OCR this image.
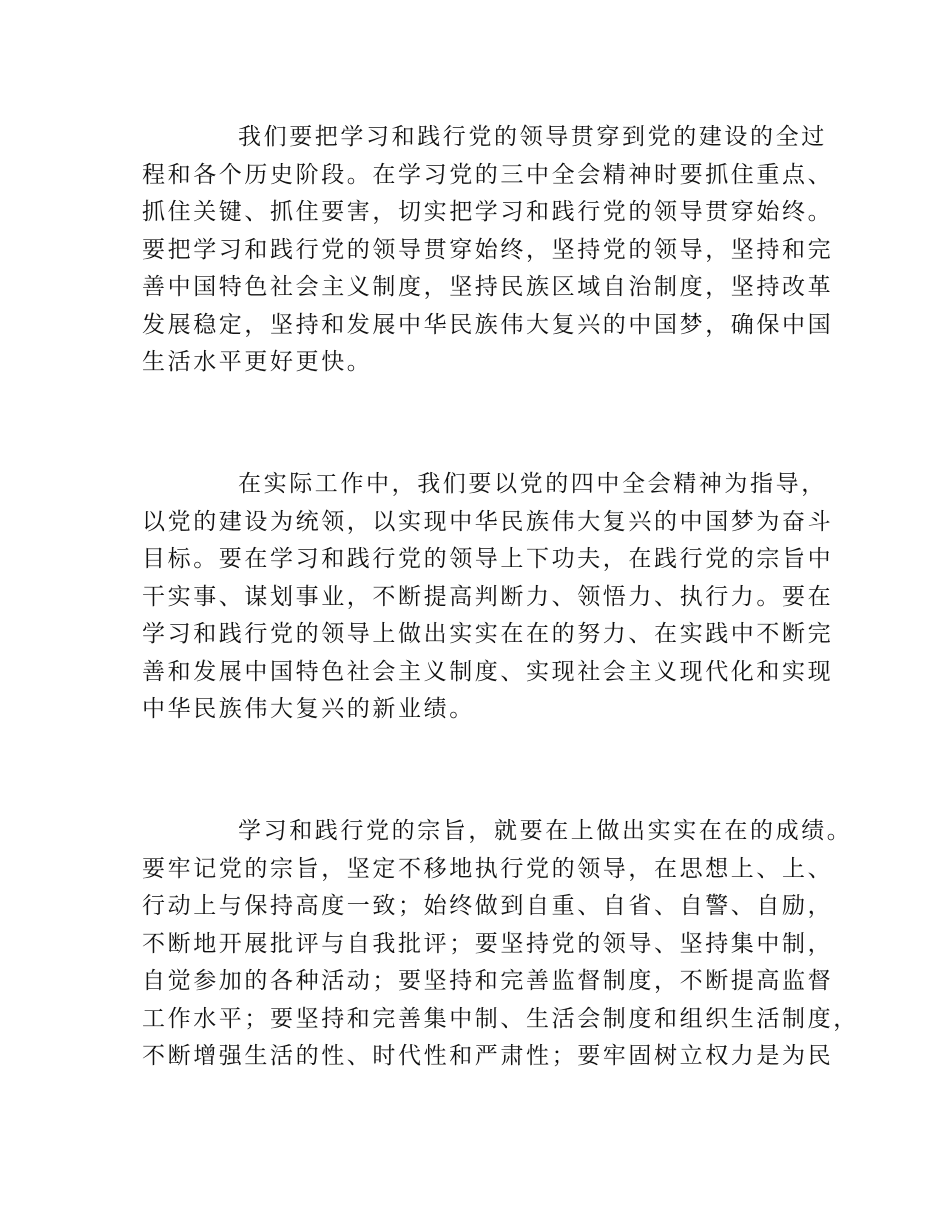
我们要把学习和践行党的领导贯穿到党的建设的全过
程和各个历史阶段。在学习党的三中全会精神时要抓住重点、
抓住关键、抓住要害，切实把学习和践行党的领导贯穿始终。
要把学习和践行党的领导贯穿始终，坚持党的领导，坚持和完
善中国特色社会主义制度，坚持民族区域自治制度，坚持改革
发展稳定，坚持和发展中华民族伟大复兴的中国梦，确保中国
生活水平更好更快。
在实际工作中，我们要以党的四中全会精神为指导，
以党的建设为统领，以实现中华民族伟大复兴的中国梦为奋斗
目标。要在学习和践行党的领导上下功夫，在践行党的宗旨中
干实事、谋划事业，不断提高判断力、领悟力、执行力。要在
学习和践行党的领导上做出实实在在的努力、在实践中不断完
善和发展中国特色社会主义制度、实现社会主义现代化和实现
中华民族伟大复兴的新业绩。
学习和践行党的宗旨，就要在上做出实实在在的成绩。
要牢记党的宗旨，坚定不移地执行党的领导，在思想上、上、
行动上与保持高度一致；始终做到自重、自省、自警、自励，
不断地开展批评与自我批评；要坚持党的领导、坚持集中制，
自觉参加的各种活动；要坚持和完善监督制度，不断提高监督
工作水平；要坚持和完善集中制、生活会制度和组织生活制度，
不断增强生活的性、时代性和严肃性；要牢固树立权力是为民
